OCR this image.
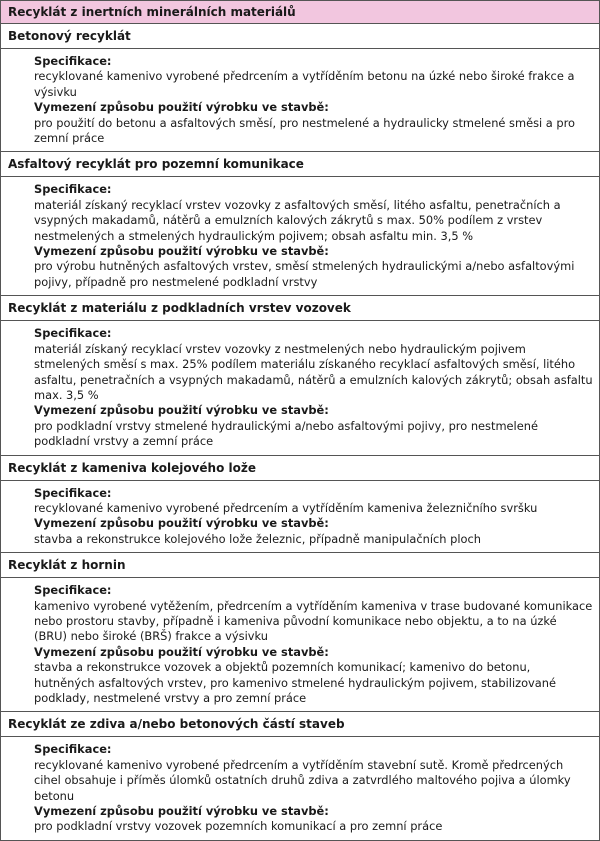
Recyklát z inertních minerálních materiálů
Betonový recyklát
Specifikace:
recyklované kamenivo vyrobené předrcením a vytříděním betonu na úzké nebo široké frakce a výsivku
Vymezení způsobu použití výrobku ve stavbě:
pro použití do betonu a asfaltových směsí, pro nestmelené a hydraulicky stmelené směsi a pro zemní práce
Asfaltový recyklát pro pozemní komunikace
Specifikace:
materiál získaný recyklací vrstev vozovky z asfaltových směsí, litého asfaltu, penetračních a vsypných makadamů, nátěrů a emulzních kalových zákrytů s max. 50% podílem z vrstev nestmelených a stmelených hydraulickým pojivem; obsah asfaltu min. 3,5 %
Vymezení způsobu použití výrobku ve stavbě:
pro výrobu hutněných asfaltových vrstev, směsí stmelených hydraulickými a/nebo asfaltovými pojivy, případně pro nestmelené podkladní vrstvy
Recyklát z materiálu z podkladních vrstev vozovek
Specifikace:
materiál získaný recyklací vrstev vozovky z nestmelených nebo hydraulickým pojivem stmelených směsí s max. 25% podílem materiálu získaného recyklací asfaltových směsí, litého asfaltu, penetračních a vsypných makadamů, nátěrů a emulzních kalových zákrytů; obsah asfaltu max. 3,5 %
Vymezení způsobu použití výrobku ve stavbě:
pro podkladní vrstvy stmelené hydraulickými a/nebo asfaltovými pojivy, pro nestmelené podkladní vrstvy a zemní práce
Recyklát z kameniva kolejového lože
Specifikace:
recyklované kamenivo vyrobené předrcením a vytříděním kameniva železničního svršku
Vymezení způsobu použití výrobku ve stavbě:
stavba a rekonstrukce kolejového lože železnic, případně manipulačních ploch
Recyklát z hornin
Specifikace:
kamenivo vyrobené vytěžením, předrcením a vytříděním kameniva v trase budované komunikace nebo prostoru stavby, případně i kameniva původní komunikace nebo objektu, a to na úzké (BRU) nebo široké (BRŠ) frakce a výsivku
Vymezení způsobu použití výrobku ve stavbě:
stavba a rekonstrukce vozovek a objektů pozemních komunikací; kamenivo do betonu, hutněných asfaltových vrstev, pro kamenivo stmelené hydraulickým pojivem, stabilizované podklady, nestmelené vrstvy a pro zemní práce
Recyklát ze zdiva a/nebo betonových částí staveb
Specifikace:
recyklované kamenivo vyrobené předrcením a vytříděním stavební sutě. Kromě předrcených cihel obsahuje i příměs úlomků ostatních druhů zdiva a zatvrdlého maltového pojiva a úlomky betonu
Vymezení způsobu použití výrobku ve stavbě:
pro podkladní vrstvy vozovek pozemních komunikací a pro zemní práce
